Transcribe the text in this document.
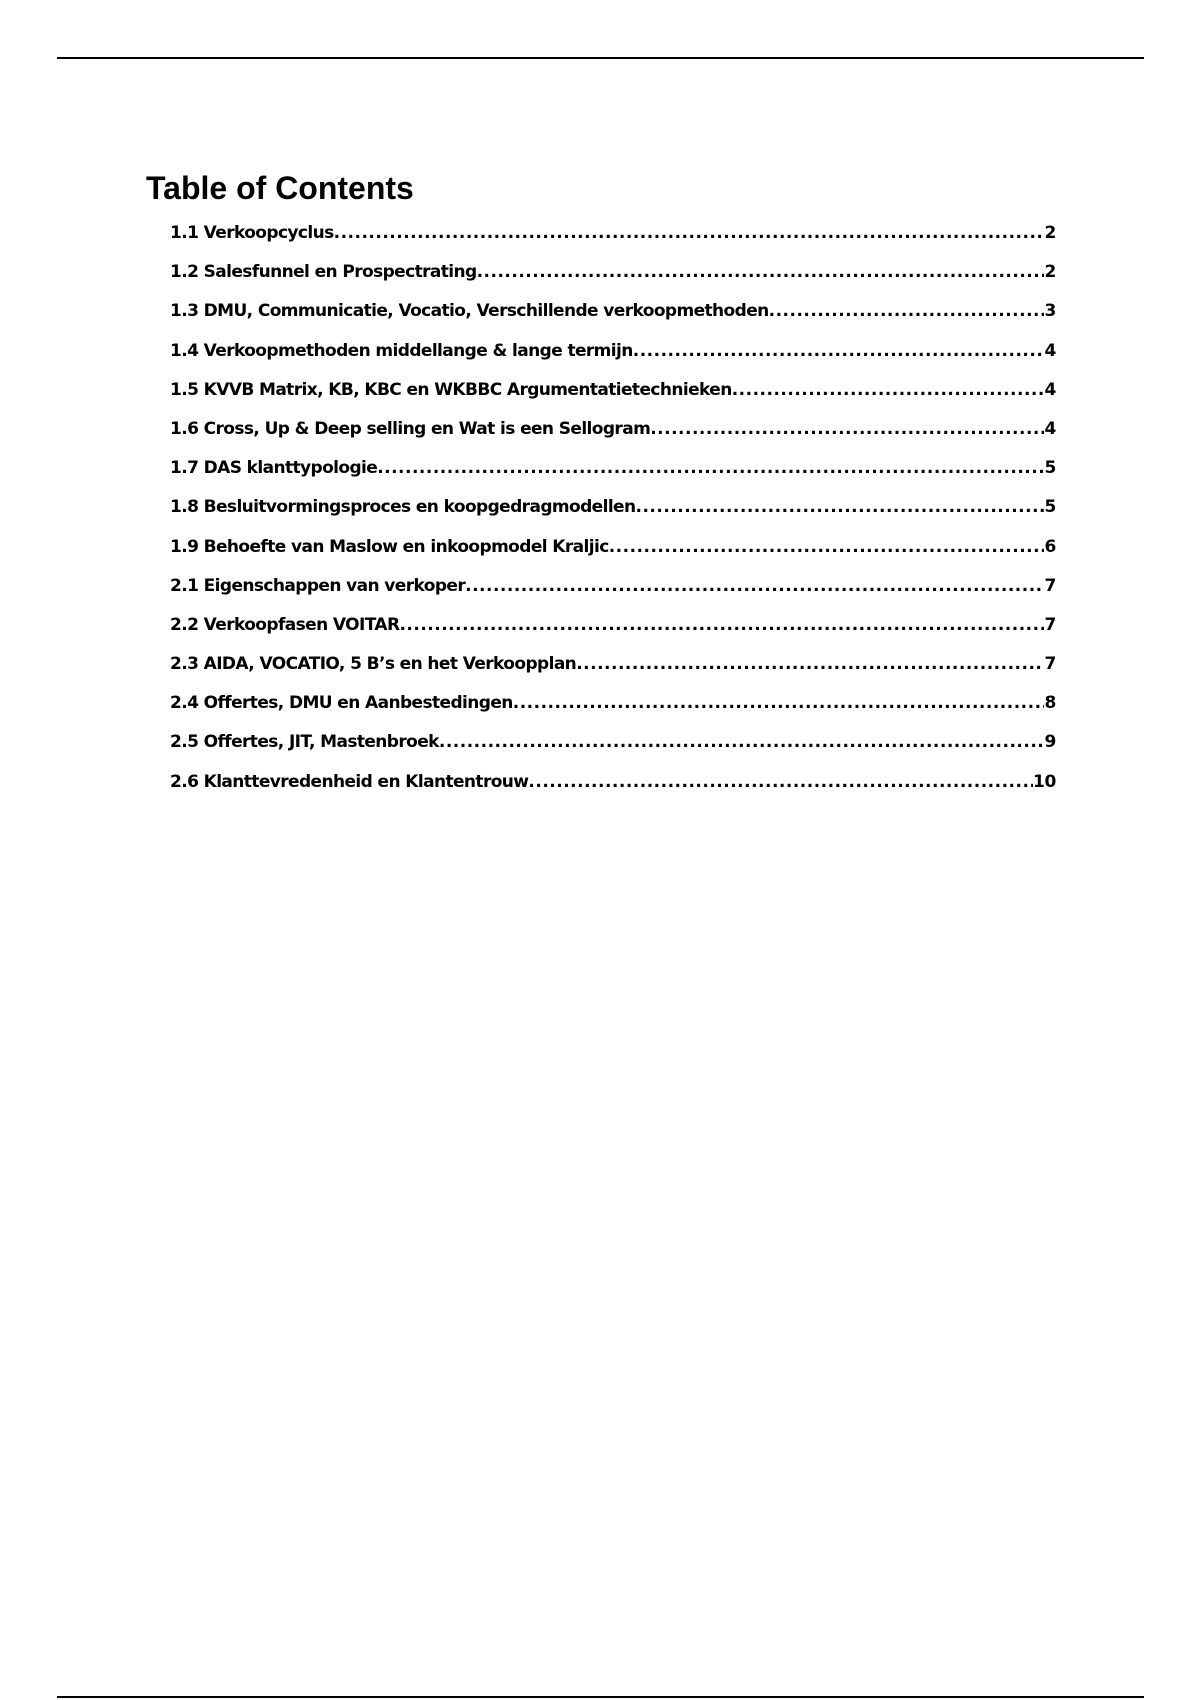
Table of Contents
1.1 Verkoopcyclus .....	2
1.2 Salesfunnel en Prospectrating .....	2
1.3 DMU, Communicatie, Vocatio, Verschillende verkoopmethoden .....	3
1.4 Verkoopmethoden middellange & lange termijn .....	4
1.5 KVVB Matrix, KB, KBC en WKBBC Argumentatietechnieken .....	4
1.6 Cross, Up & Deep selling en Wat is een Sellogram .....	4
1.7 DAS klanttypologie .....	5
1.8 Besluitvormingsproces en koopgedragmodellen .....	5
1.9 Behoefte van Maslow en inkoopmodel Kraljic .....	6
2.1 Eigenschappen van verkoper .....	7
2.2 Verkoopfasen VOITAR .....	7
2.3 AIDA, VOCATIO, 5 B’s en het Verkoopplan .....	7
2.4 Offertes, DMU en Aanbestedingen .....	8
2.5 Offertes, JIT, Mastenbroek .....	9
2.6 Klanttevredenheid en Klantentrouw .....	10
